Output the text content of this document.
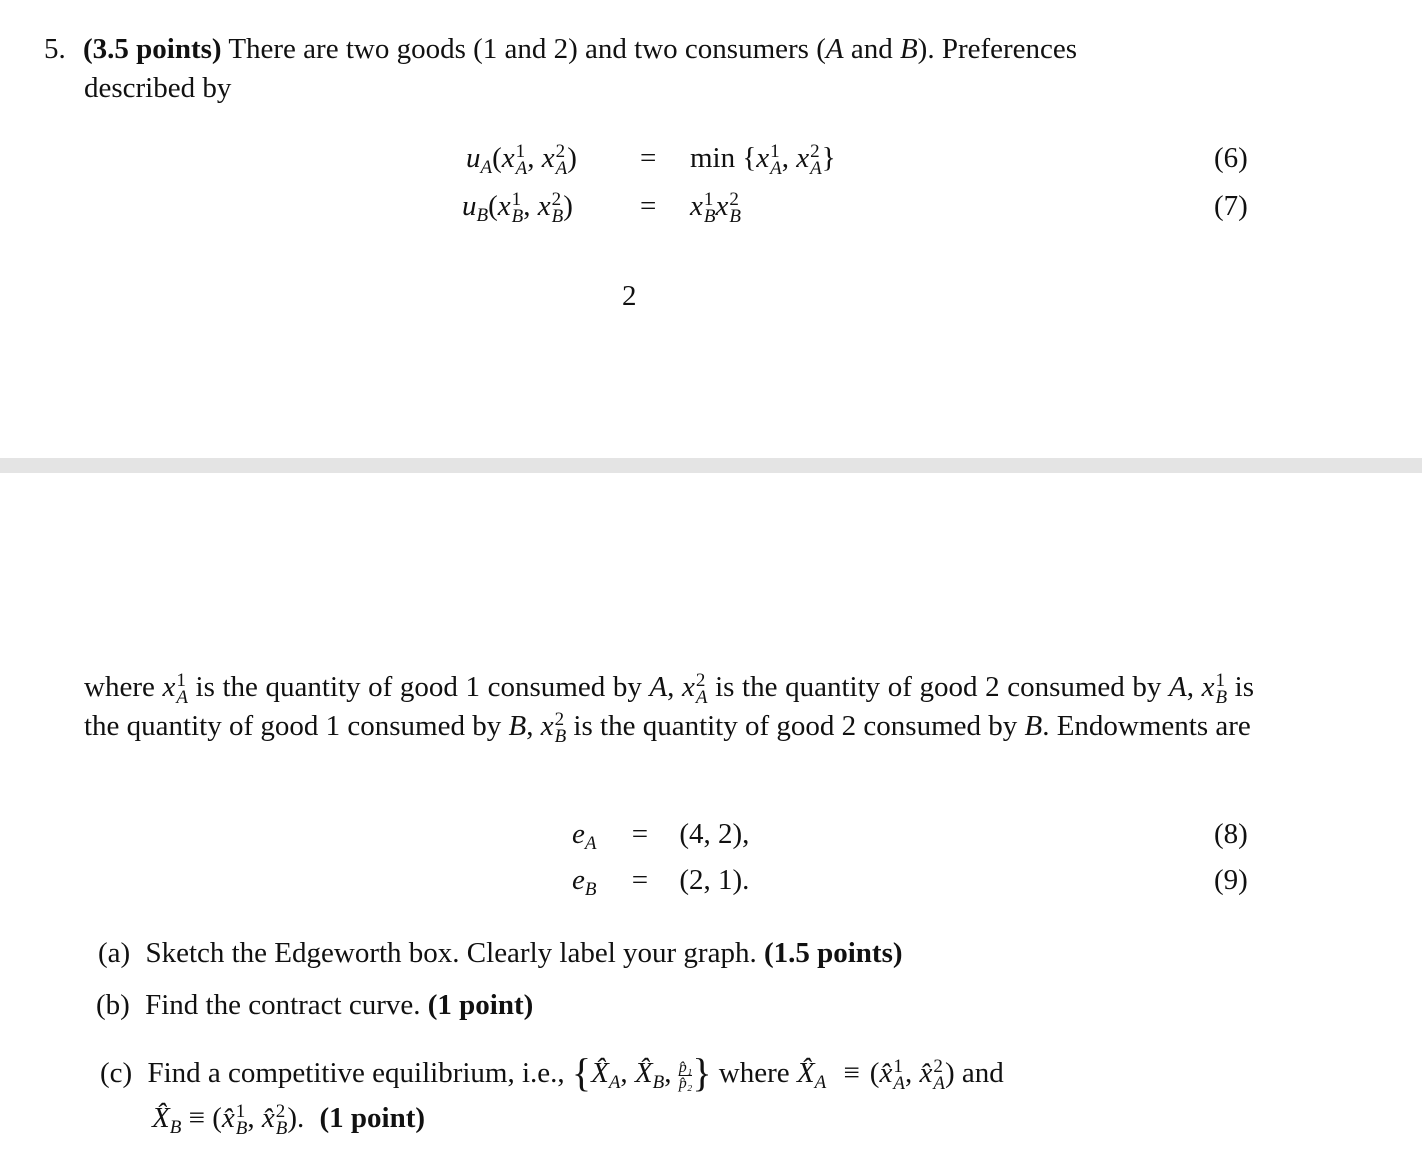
5. (3.5 points) There are two goods (1 and 2) and two consumers (A and B). Preferences
described by
$u_A(x$ 1
A , x 2
A ) = min {x 1
A , x 2
A }	(6)
$u_B(x$ 1
B , x 2
B ) = x 1
B x 2
B	(7)
2
where x 1
A is the quantity of good 1 consumed by A, x 2
A is the quantity of good 2 consumed by A, x 1
B is the quantity of good 1 consumed by B, x 2
B is the quantity of good 2 consumed by B. Endowments are
$e_A = (4$, 2),	(8)
$e_B = (2$, 1).	(9)
(a) Sketch the Edgeworth box. Clearly label your graph. (1.5 points)
(b) Find the contract curve. (1 point)
(c) Find a competitive equilibrium, i.e., {$X̂_A$, $X̂_B$, $\frac{\text{p̂₁}}{\text{p̂₂}}$ } where $X̂_A$ ≡ (x̂ 1
A , x̂ 2
A ) and
$X̂_B$ ≡ (x̂ 1
B , x̂ 2
B ). (1 point)
